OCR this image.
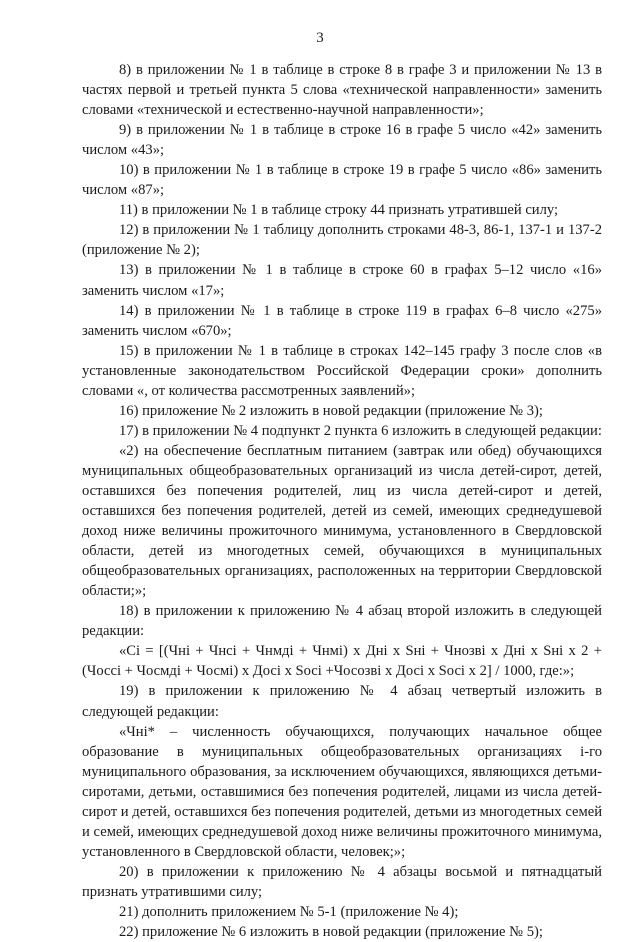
3

8) в приложении № 1 в таблице в строке 8 в графе 3 и приложении № 13 в частях первой и третьей пункта 5 слова «технической направленности» заменить словами «технической и естественно-научной направленности»;

9) в приложении № 1 в таблице в строке 16 в графе 5 число «42» заменить числом «43»;

10) в приложении № 1 в таблице в строке 19 в графе 5 число «86» заменить числом «87»;

11) в приложении № 1 в таблице строку 44 признать утратившей силу;

12) в приложении № 1 таблицу дополнить строками 48-3, 86-1, 137-1 и 137-2 (приложение № 2);

13) в приложении № 1 в таблице в строке 60 в графах 5–12 число «16» заменить числом «17»;

14) в приложении № 1 в таблице в строке 119 в графах 6–8 число «275» заменить числом «670»;

15) в приложении № 1 в таблице в строках 142–145 графу 3 после слов «в установленные законодательством Российской Федерации сроки» дополнить словами «, от количества рассмотренных заявлений»;

16) приложение № 2 изложить в новой редакции (приложение № 3);

17) в приложении № 4 подпункт 2 пункта 6 изложить в следующей редакции:

«2) на обеспечение бесплатным питанием (завтрак или обед) обучающихся муниципальных общеобразовательных организаций из числа детей-сирот, детей, оставшихся без попечения родителей, лиц из числа детей-сирот и детей, оставшихся без попечения родителей, детей из семей, имеющих среднедушевой доход ниже величины прожиточного минимума, установленного в Свердловской области, детей из многодетных семей, обучающихся в муниципальных общеобразовательных организациях, расположенных на территории Свердловской области;»;

18) в приложении к приложению № 4 абзац второй изложить в следующей редакции:

«Сi = [(Чнi + Чнсi + Чнмдi + Чнмi) x Днi x Sнi + Чнозвi x Днi x Sнi x 2 + (Чоссi + Чосмдi + Чосмi) x Досi x Sосi +Чосозвi x Досi x Sосi x 2] / 1000, где:»;

19) в приложении к приложению № 4 абзац четвертый изложить в следующей редакции:

«Чнi* – численность обучающихся, получающих начальное общее образование в муниципальных общеобразовательных организациях i-го муниципального образования, за исключением обучающихся, являющихся детьми-сиротами, детьми, оставшимися без попечения родителей, лицами из числа детей-сирот и детей, оставшихся без попечения родителей, детьми из многодетных семей и семей, имеющих среднедушевой доход ниже величины прожиточного минимума, установленного в Свердловской области, человек;»;

20) в приложении к приложению № 4 абзацы восьмой и пятнадцатый признать утратившими силу;

21) дополнить приложением № 5-1 (приложение № 4);

22) приложение № 6 изложить в новой редакции (приложение № 5);
